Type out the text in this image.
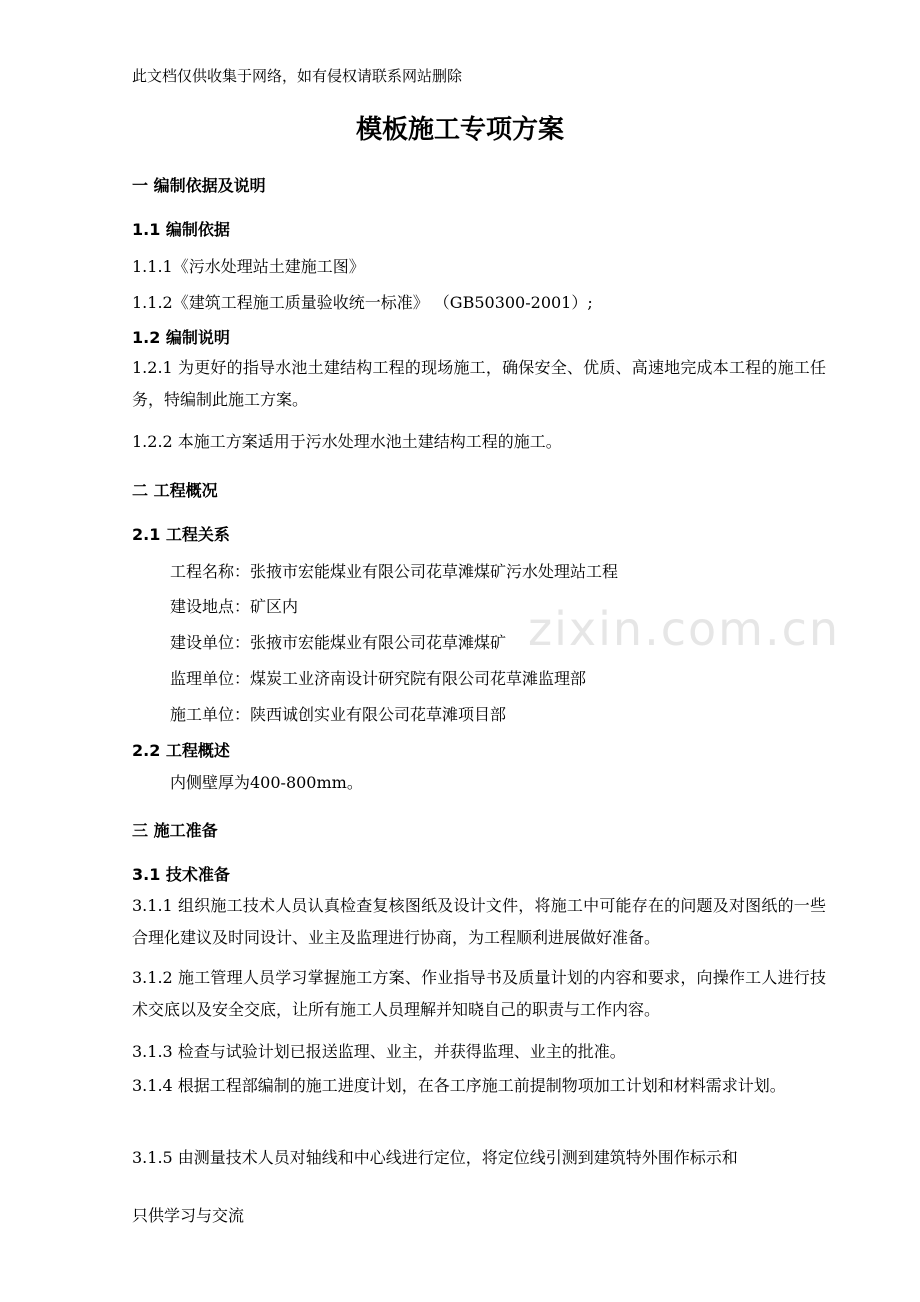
zixin.com.cn
此文档仅供收集于网络，如有侵权请联系网站删除
模板施工专项方案
一 编制依据及说明
1.1 编制依据
1.1.1《污水处理站土建施工图》
1.1.2《建筑工程施工质量验收统一标准》 （GB50300-2001）;
1.2 编制说明
1.2.1 为更好的指导水池土建结构工程的现场施工，确保安全、优质、高速地完成本工程的施工任务，特编制此施工方案。
1.2.2 本施工方案适用于污水处理水池土建结构工程的施工。
二 工程概况
2.1 工程关系
工程名称：张掖市宏能煤业有限公司花草滩煤矿污水处理站工程
建设地点：矿区内
建设单位：张掖市宏能煤业有限公司花草滩煤矿
监理单位：煤炭工业济南设计研究院有限公司花草滩监理部
施工单位：陕西诚创实业有限公司花草滩项目部
2.2 工程概述
内侧壁厚为400-800mm。
三 施工准备
3.1 技术准备
3.1.1 组织施工技术人员认真检查复核图纸及设计文件，将施工中可能存在的问题及对图纸的一些合理化建议及时同设计、业主及监理进行协商，为工程顺利进展做好准备。
3.1.2 施工管理人员学习掌握施工方案、作业指导书及质量计划的内容和要求，向操作工人进行技术交底以及安全交底，让所有施工人员理解并知晓自己的职责与工作内容。
3.1.3 检查与试验计划已报送监理、业主，并获得监理、业主的批准。
3.1.4 根据工程部编制的施工进度计划，在各工序施工前提制物项加工计划和材料需求计划。
3.1.5 由测量技术人员对轴线和中心线进行定位，将定位线引测到建筑特外围作标示和
只供学习与交流
